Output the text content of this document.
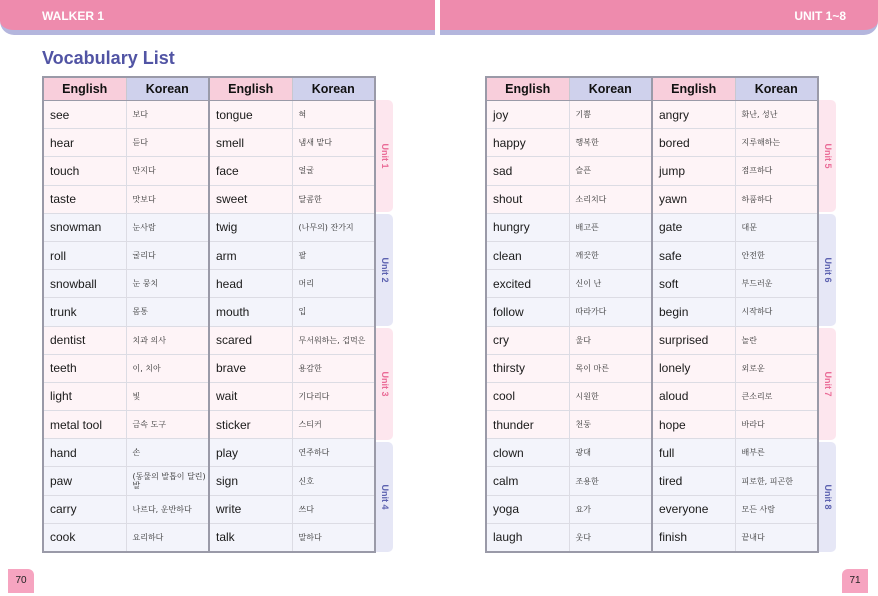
WALKER 1	UNIT 1~8
Vocabulary List
English	Korean	English	Korean
see	보다	tongue	혀
hear	듣다	smell	냄새 맡다
touch	만지다	face	얼굴
taste	맛보다	sweet	달콤한
snowman	눈사람	twig	(나무의) 잔가지
roll	굴리다	arm	팔
snowball	눈 뭉치	head	머리
trunk	몸통	mouth	입
dentist	치과 의사	scared	무서워하는, 겁먹은
teeth	이, 치아	brave	용감한
light	빛	wait	기다리다
metal tool	금속 도구	sticker	스티커
hand	손	play	연주하다
paw	(동물의 발톱이 달린)발	sign	신호
carry	나르다, 운반하다	write	쓰다
cook	요리하다	talk	말하다
English	Korean	English	Korean
joy	기쁨	angry	화난, 성난
happy	행복한	bored	지루해하는
sad	슬픈	jump	점프하다
shout	소리치다	yawn	하품하다
hungry	배고픈	gate	대문
clean	깨끗한	safe	안전한
excited	신이 난	soft	부드러운
follow	따라가다	begin	시작하다
cry	울다	surprised	놀란
thirsty	목이 마른	lonely	외로운
cool	시원한	aloud	큰소리로
thunder	천둥	hope	바라다
clown	광대	full	배부른
calm	조용한	tired	피로한, 피곤한
yoga	요가	everyone	모든 사람
laugh	웃다	finish	끝내다
Unit 1
Unit 2
Unit 3
Unit 4
Unit 5
Unit 6
Unit 7
Unit 8
70	71
